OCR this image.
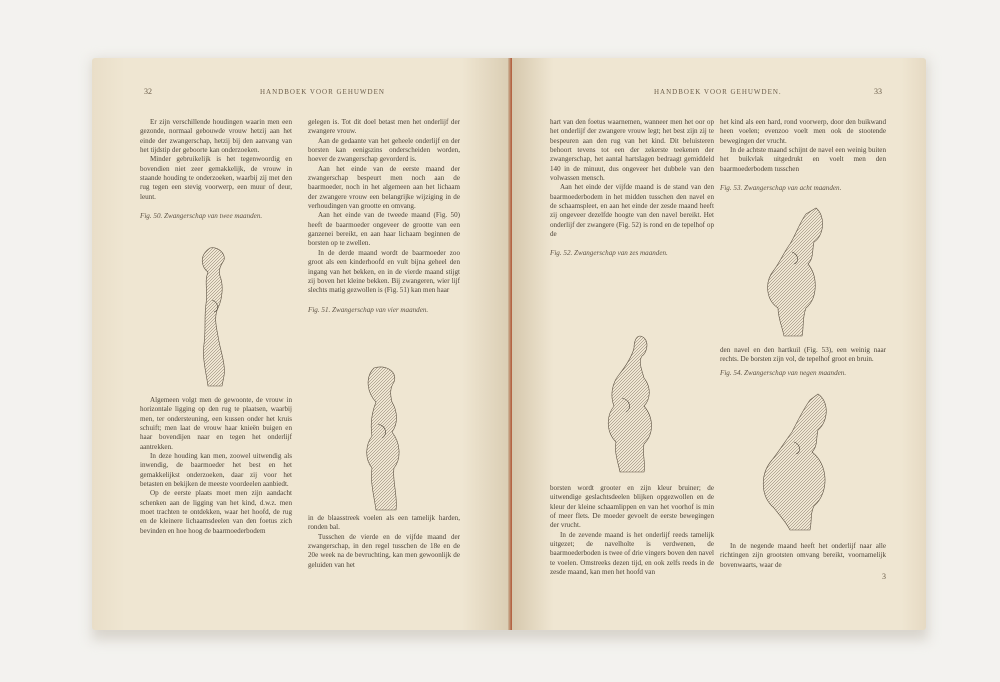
32	HANDBOEK VOOR GEHUWDEN

Er zijn verschillende houdingen waarin men een gezonde, normaal gebouwde vrouw hetzij aan het einde der zwangerschap, hetzij bij den aanvang van het tijdstip der geboorte kan onderzoeken.

Minder gebruikelijk is het tegenwoordig en bovendien niet zeer gemakkelijk, de vrouw in staande houding te onderzoeken, waarbij zij met den rug tegen een stevig voorwerp, een muur of deur, leunt.

Fig. 50. Zwangerschap van twee maanden.

Algemeen volgt men de gewoonte, de vrouw in horizontale ligging op den rug te plaatsen, waarbij men, ter ondersteuning, een kussen onder het kruis schuift; men laat de vrouw haar knieën buigen en haar bovendijen naar en tegen het onderlijf aantrekken.

In deze houding kan men, zoowel uitwendig als inwendig, de baarmoeder het best en het gemakkelijkst onderzoeken, daar zij voor het betasten en bekijken de meeste voordeelen aanbiedt.

Op de eerste plaats moet men zijn aandacht schenken aan de ligging van het kind, d.w.z. men moet trachten te ontdekken, waar het hoofd, de rug en de kleinere lichaamsdeelen van den foetus zich bevinden en hoe hoog de baarmoederbodem

gelegen is. Tot dit doel betast men het onderlijf der zwangere vrouw.

Aan de gedaante van het geheele onderlijf en der borsten kan eenigszins onderscheiden worden, hoever de zwangerschap gevorderd is.

Aan het einde van de eerste maand der zwangerschap bespeurt men noch aan de baarmoeder, noch in het algemeen aan het lichaam der zwangere vrouw een belangrijke wijziging in de verhoudingen van grootte en omvang.

Aan het einde van de tweede maand (Fig. 50) heeft de baarmoeder ongeveer de grootte van een ganzenei bereikt, en aan haar lichaam beginnen de borsten op te zwellen.

In de derde maand wordt de baarmoeder zoo groot als een kinderhoofd en vult bijna geheel den ingang van het bekken, en in de vierde maand stijgt zij boven het kleine bekken. Bij zwangeren, wier lijf slechts matig gezwollen is (Fig. 51) kan men haar

Fig. 51. Zwangerschap van vier maanden.

in de blaasstreek voelen als een tamelijk harden, ronden bal.

Tusschen de vierde en de vijfde maand der zwangerschap, in den regel tusschen de 18e en de 20e week na de bevruchting, kan men gewoonlijk de geluiden van het

HANDBOEK VOOR GEHUWDEN.	33

hart van den foetus waarnemen, wanneer men het oor op het onderlijf der zwangere vrouw legt; het best zijn zij te bespeuren aan den rug van het kind. Dit beluisteren behoort tevens tot een der zekerste teekenen der zwangerschap, het aantal hartslagen bedraagt gemiddeld 140 in de minuut, dus ongeveer het dubbele van den volwassen mensch.

Aan het einde der vijfde maand is de stand van den baarmoederbodem in het midden tusschen den navel en de schaamspleet, en aan het einde der zesde maand heeft zij ongeveer dezelfde hoogte van den navel bereikt. Het onderlijf der zwangere (Fig. 52) is rond en de tepelhof op de

Fig. 52. Zwangerschap van zes maanden.

borsten wordt grooter en zijn kleur bruiner; de uitwendige geslachtsdeelen blijken opgezwollen en de kleur der kleine schaamlippen en van het voorhof is min of meer flets. De moeder gevoelt de eerste bewegingen der vrucht.

In de zevende maand is het onderlijf reeds tamelijk uitgezet; de navelholte is verdwenen, de baarmoederboden is twee of drie vingers boven den navel te voelen. Omstreeks dezen tijd, en ook zelfs reeds in de zesde maand, kan men het hoofd van

het kind als een hard, rond voorwerp, door den buikwand heen voelen; evenzoo voelt men ook de stootende bewegingen der vrucht.

In de achtste maand schijnt de navel een weinig buiten het buikvlak uitgedrukt en voelt men den baarmoederbodem tusschen

Fig. 53. Zwangerschap van acht maanden.

den navel en den hartkuil (Fig. 53), een weinig naar rechts. De borsten zijn vol, de tepelhof groot en bruin.

Fig. 54. Zwangerschap van negen maanden.

In de negende maand heeft het onderlijf naar alle richtingen zijn grootsten omvang bereikt, voornamelijk bovenwaarts, waar de

3
